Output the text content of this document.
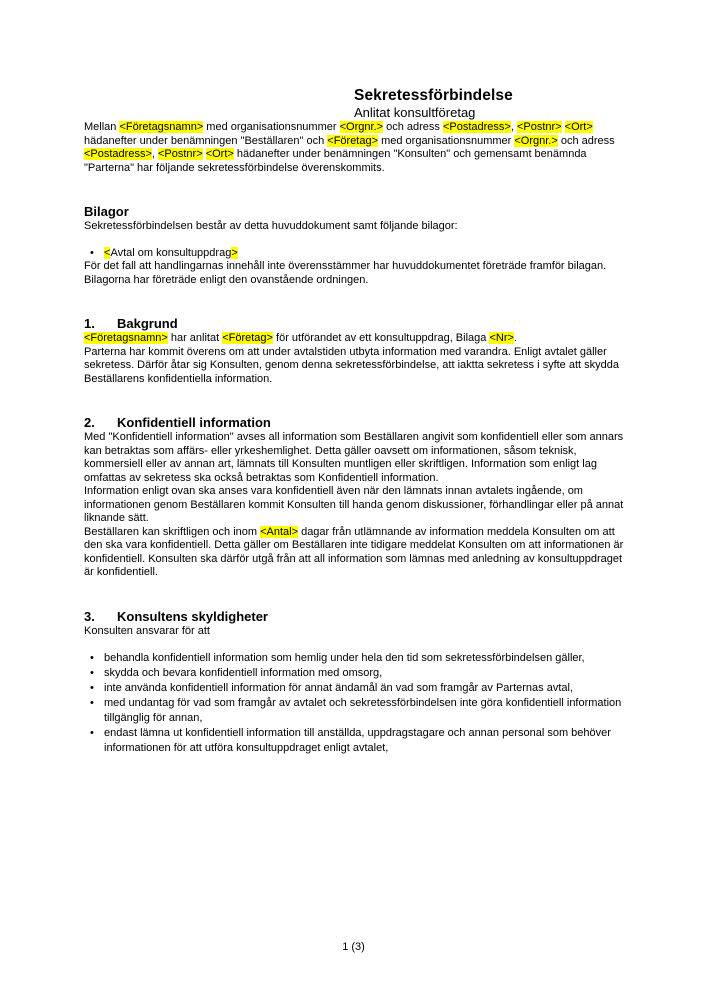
Sekretessförbindelse
Anlitat konsultföretag

Mellan <Företagsnamn> med organisationsnummer <Orgnr.> och adress <Postadress>, <Postnr> <Ort> hädanefter under benämningen "Beställaren" och <Företag> med organisationsnummer <Orgnr.> och adress <Postadress>, <Postnr> <Ort> hädanefter under benämningen "Konsulten" och gemensamt benämnda "Parterna" har följande sekretessförbindelse överenskommits.

Bilagor

Sekretessförbindelsen består av detta huvuddokument samt följande bilagor:

• <Avtal om konsultuppdrag>

För det fall att handlingarnas innehåll inte överensstämmer har huvuddokumentet företräde framför bilagan. Bilagorna har företräde enligt den ovanstående ordningen.

1. Bakgrund

<Företagsnamn> har anlitat <Företag> för utförandet av ett konsultuppdrag, Bilaga <Nr>.

Parterna har kommit överens om att under avtalstiden utbyta information med varandra. Enligt avtalet gäller sekretess. Därför åtar sig Konsulten, genom denna sekretessförbindelse, att iaktta sekretess i syfte att skydda Beställarens konfidentiella information.

2. Konfidentiell information

Med "Konfidentiell information" avses all information som Beställaren angivit som konfidentiell eller som annars kan betraktas som affärs- eller yrkeshemlighet. Detta gäller oavsett om informationen, såsom teknisk, kommersiell eller av annan art, lämnats till Konsulten muntligen eller skriftligen. Information som enligt lag omfattas av sekretess ska också betraktas som Konfidentiell information.

Information enligt ovan ska anses vara konfidentiell även när den lämnats innan avtalets ingående, om informationen genom Beställaren kommit Konsulten till handa genom diskussioner, förhandlingar eller på annat liknande sätt.

Beställaren kan skriftligen och inom <Antal> dagar från utlämnande av information meddela Konsulten om att den ska vara konfidentiell. Detta gäller om Beställaren inte tidigare meddelat Konsulten om att informationen är konfidentiell. Konsulten ska därför utgå från att all information som lämnas med anledning av konsultuppdraget är konfidentiell.

3. Konsultens skyldigheter

Konsulten ansvarar för att

• behandla konfidentiell information som hemlig under hela den tid som sekretessförbindelsen gäller,
• skydda och bevara konfidentiell information med omsorg,
• inte använda konfidentiell information för annat ändamål än vad som framgår av Parternas avtal,
• med undantag för vad som framgår av avtalet och sekretessförbindelsen inte göra konfidentiell information tillgänglig för annan,
• endast lämna ut konfidentiell information till anställda, uppdragstagare och annan personal som behöver informationen för att utföra konsultuppdraget enligt avtalet,
1 (3)
